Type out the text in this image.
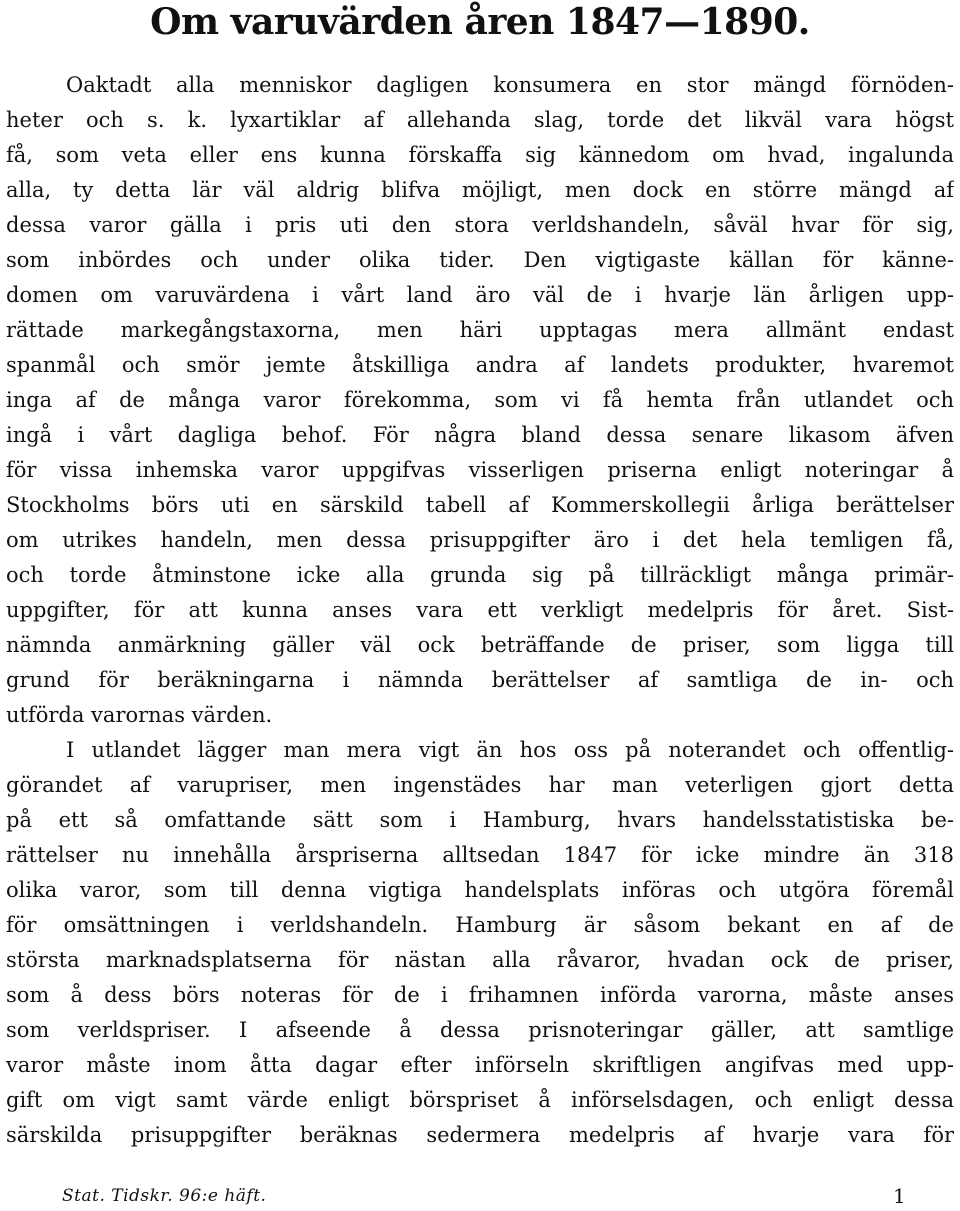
Om varuvärden åren 1847—1890.
Oaktadt alla menniskor dagligen konsumera en stor mängd förnöden-
heter och s. k. lyxartiklar af allehanda slag, torde det likväl vara högst
få, som veta eller ens kunna förskaffa sig kännedom om hvad, ingalunda
alla, ty detta lär väl aldrig blifva möjligt, men dock en större mängd af
dessa varor gälla i pris uti den stora verldshandeln, såväl hvar för sig,
som inbördes och under olika tider. Den vigtigaste källan för känne-
domen om varuvärdena i vårt land äro väl de i hvarje län årligen upp-
rättade markegångstaxorna, men häri upptagas mera allmänt endast
spanmål och smör jemte åtskilliga andra af landets produkter, hvaremot
inga af de många varor förekomma, som vi få hemta från utlandet och
ingå i vårt dagliga behof. För några bland dessa senare likasom äfven
för vissa inhemska varor uppgifvas visserligen priserna enligt noteringar å
Stockholms börs uti en särskild tabell af Kommerskollegii årliga berättelser
om utrikes handeln, men dessa prisuppgifter äro i det hela temligen få,
och torde åtminstone icke alla grunda sig på tillräckligt många primär-
uppgifter, för att kunna anses vara ett verkligt medelpris för året. Sist-
nämnda anmärkning gäller väl ock beträffande de priser, som ligga till
grund för beräkningarna i nämnda berättelser af samtliga de in- och
utförda varornas värden.
I utlandet lägger man mera vigt än hos oss på noterandet och offentlig-
görandet af varupriser, men ingenstädes har man veterligen gjort detta
på ett så omfattande sätt som i Hamburg, hvars handelsstatistiska be-
rättelser nu innehålla årspriserna alltsedan 1847 för icke mindre än 318
olika varor, som till denna vigtiga handelsplats införas och utgöra föremål
för omsättningen i verldshandeln. Hamburg är såsom bekant en af de
största marknadsplatserna för nästan alla råvaror, hvadan ock de priser,
som å dess börs noteras för de i frihamnen införda varorna, måste anses
som verldspriser. I afseende å dessa prisnoteringar gäller, att samtlige
varor måste inom åtta dagar efter införseln skriftligen angifvas med upp-
gift om vigt samt värde enligt börspriset å införselsdagen, och enligt dessa
särskilda prisuppgifter beräknas sedermera medelpris af hvarje vara för
Stat. Tidskr. 96:e häft.	1
